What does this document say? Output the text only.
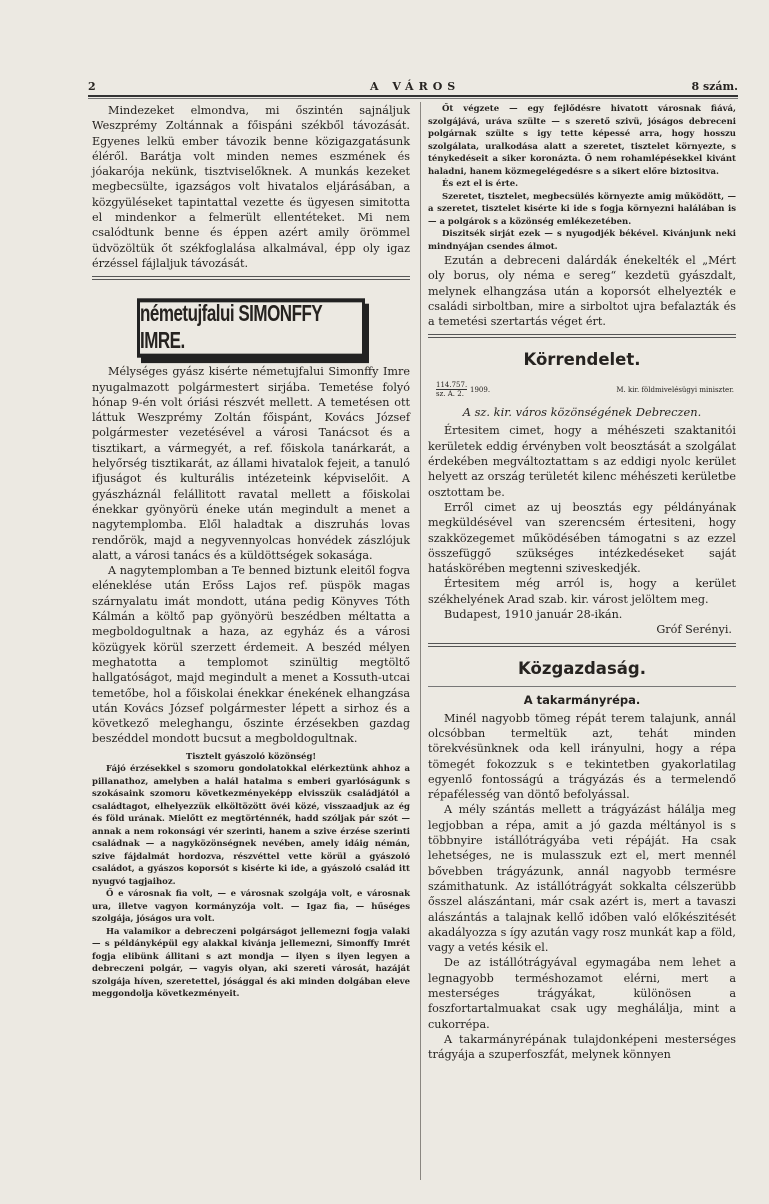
2	A VÁROS	8 szám.

Mindezeket elmondva, mi őszintén sajnáljuk Weszprémy Zoltánnak a főispáni székből távozását. Egyenes lelkü ember távozik benne közigazgatásunk éléről. Barátja volt minden nemes eszmének és jóakarója nekünk, tisztviselőknek. A munkás kezeket megbecsülte, igazságos volt hivatalos eljárásában, a közgyüléseket tapintattal vezette és ügyesen simitotta el mindenkor a felmerült ellentéteket. Mi nem csalódtunk benne és éppen azért amily örömmel üdvözöltük őt székfoglalása alkalmával, épp oly igaz érzéssel fájlaljuk távozását.

németujfalui SIMONFFY IMRE.

Mélységes gyász kisérte németujfalui Simonffy Imre nyugalmazott polgármestert sirjába. Temetése folyó hónap 9-én volt óriási részvét mellett. A temetésen ott láttuk Weszprémy Zoltán főispánt, Kovács József polgármester vezetésével a városi Tanácsot és a tisztikart, a vármegyét, a ref. főiskola tanárkarát, a helyőrség tisztikarát, az állami hivatalok fejeit, a tanuló ifjuságot és kulturális intézeteink képviselőit. A gyászháznál felállitott ravatal mellett a főiskolai énekkar gyönyörü éneke után megindult a menet a nagytemplomba. Elől haladtak a diszruhás lovas rendőrök, majd a negyvennyolcas honvédek zászlójuk alatt, a városi tanács és a küldöttségek sokasága.

A nagytemplomban a Te benned biztunk eleitől fogva eléneklése után Erőss Lajos ref. püspök magas szárnyalatu imát mondott, utána pedig Könyves Tóth Kálmán a költő pap gyönyörü beszédben méltatta a megboldogultnak a haza, az egyház és a városi közügyek körül szerzett érdemeit. A beszéd mélyen meghatotta a templomot szinültig megtöltő hallgatóságot, majd megindult a menet a Kossuth-utcai temetőbe, hol a főiskolai énekkar énekének elhangzása után Kovács József polgármester lépett a sirhoz és a következő meleghangu, őszinte érzésekben gazdag beszéddel mondott bucsut a megboldogultnak.

Tisztelt gyászoló közönség!

Fájó érzésekkel s szomoru gondolatokkal elérkeztünk ahhoz a pillanathoz, amelyben a halál hatalma s emberi gyarlóságunk s szokásaink szomoru következményeképp elvisszük családjától a családtagot, elhelyezzük elköltözött övéi közé, visszaadjuk az ég és föld urának. Mielőtt ez megtörténnék, hadd szóljak pár szót — annak a nem rokonsági vér szerinti, hanem a szive érzése szerinti családnak — a nagyközönségnek nevében, amely idáig némán, szive fájdalmát hordozva, részvéttel vette körül a gyászoló családot, a gyászos koporsót s kisérte ki ide, a gyászoló család itt nyugvó tagjaihoz.

Ő e városnak fia volt, — e városnak szolgája volt, e városnak ura, illetve vagyon kormányzója volt. — Igaz fia, — hűséges szolgája, jóságos ura volt.

Ha valamikor a debreczeni polgárságot jellemezni fogja valaki — s példányképül egy alakkal kivánja jellemezni, Simonffy Imrét fogja elibünk állitani s azt mondja — ilyen s ilyen legyen a debreczeni polgár, — vagyis olyan, aki szereti városát, hazáját szolgája híven, szeretettel, jósággal és aki minden dolgában eleve meggondolja következményeit.

Őt végzete — egy fejlődésre hivatott városnak fiává, szolgájává, uráva szülte — s szerető szivü, jóságos debreceni polgárnak szülte s igy tette képessé arra, hogy hosszu szolgálata, uralkodása alatt a szeretet, tisztelet környezte, s ténykedéseit a siker koronázta. Ő nem rohamlépésekkel kivánt haladni, hanem közmegelégedésre s a sikert előre biztositva.

És ezt el is érte.

Szeretet, tisztelet, megbecsülés környezte amig működött, — a szeretet, tisztelet kisérte ki ide s fogja környezni halálában is — a polgárok s a közönség emlékezetében.

Diszitsék sirját ezek — s nyugodjék békével. Kivánjunk neki mindnyájan csendes álmot.

Ezután a debreceni dalárdák énekelték el „Mért oly borus, oly néma e sereg“ kezdetü gyászdalt, melynek elhangzása után a koporsót elhelyezték e családi sirboltban, mire a sirboltot ujra befalazták és a temetési szertartás véget ért.

Körrendelet.
114.757.
sz. A. 2. 1909.	M. kir. földmivelésügyi miniszter.
A sz. kir. város közönségének Debreczen.

Értesitem cimet, hogy a méhészeti szaktanitói kerületek eddig érvényben volt beosztását a szolgálat érdekében megváltoztattam s az eddigi nyolc kerület helyett az ország területét kilenc méhészeti kerületbe osztottam be.

Erről cimet az uj beosztás egy példányának megküldésével van szerencsém értesiteni, hogy szakközegemet működésében támogatni s az ezzel összefüggő szükséges intézkedéseket saját hatáskörében megtenni sziveskedjék.

Értesitem még arról is, hogy a kerület székhelyének Arad szab. kir. várost jelöltem meg.

Budapest, 1910 január 28-ikán.

Gróf Serényi.

Közgazdaság.
A takarmányrépa.

Minél nagyobb tömeg répát terem talajunk, annál olcsóbban termeltük azt, tehát minden törekvésünknek oda kell irányulni, hogy a répa tömegét fokozzuk s e tekintetben gyakorlatilag egyenlő fontosságú a trágyázás és a termelendő répafélesség van döntő befolyással.

A mély szántás mellett a trágyázást hálálja meg legjobban a répa, amit a jó gazda méltányol is s többnyire istállótrágyába veti répáját. Ha csak lehetséges, ne is mulasszuk ezt el, mert mennél bővebben trágyázunk, annál nagyobb termésre számithatunk. Az istállótrágyát sokkalta célszerübb ősszel alászántani, már csak azért is, mert a tavaszi alászántás a talajnak kellő időben való előkészitését akadályozza s így azután vagy rosz munkát kap a föld, vagy a vetés késik el.

De az istállótrágyával egymagába nem lehet a legnagyobb terméshozamot elérni, mert a mesterséges trágyákat, különösen a foszfortartalmuakat csak ugy meghálálja, mint a cukorrépa.

A takarmányrépának tulajdonképeni mesterséges trágyája a szuperfoszfát, melynek könnyen
